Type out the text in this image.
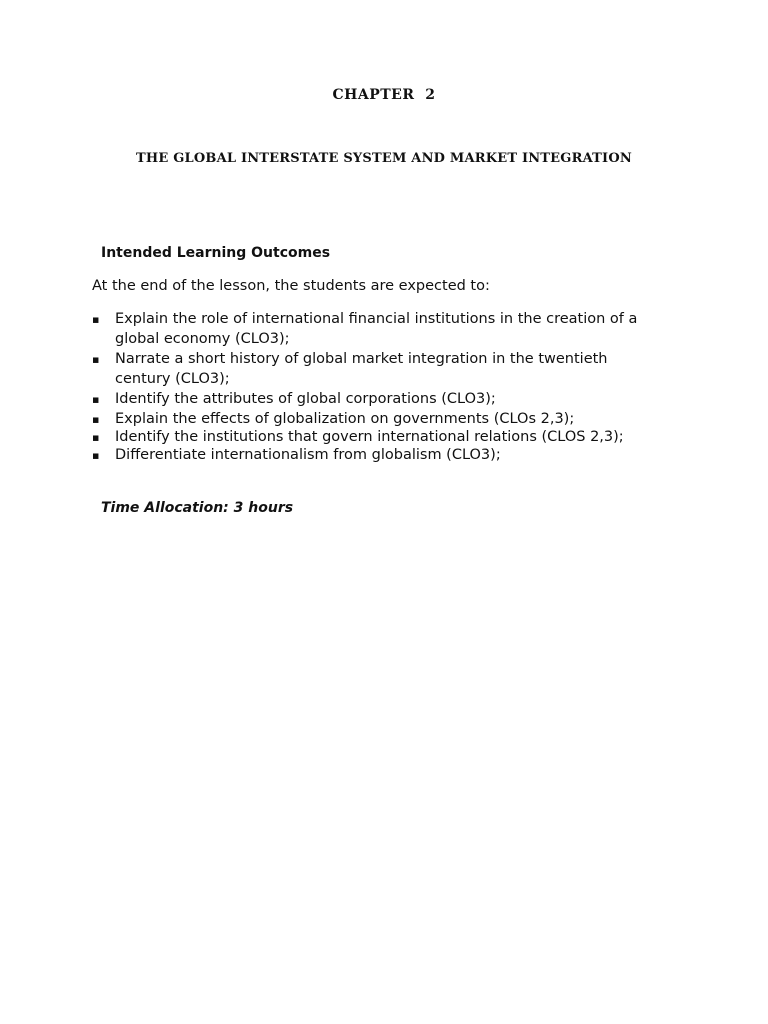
CHAPTER  2
THE GLOBAL INTERSTATE SYSTEM AND MARKET INTEGRATION
Intended Learning Outcomes
At the end of the lesson, the students are expected to:
▪ Explain the role of international financial institutions in the creation of a global economy (CLO3);
▪ Narrate a short history of global market integration in the twentieth century (CLO3);
▪ Identify the attributes of global corporations (CLO3);
▪ Explain the effects of globalization on governments (CLOs 2,3);
▪ Identify the institutions that govern international relations (CLOS 2,3);
▪ Differentiate internationalism from globalism (CLO3);
Time Allocation: 3 hours
